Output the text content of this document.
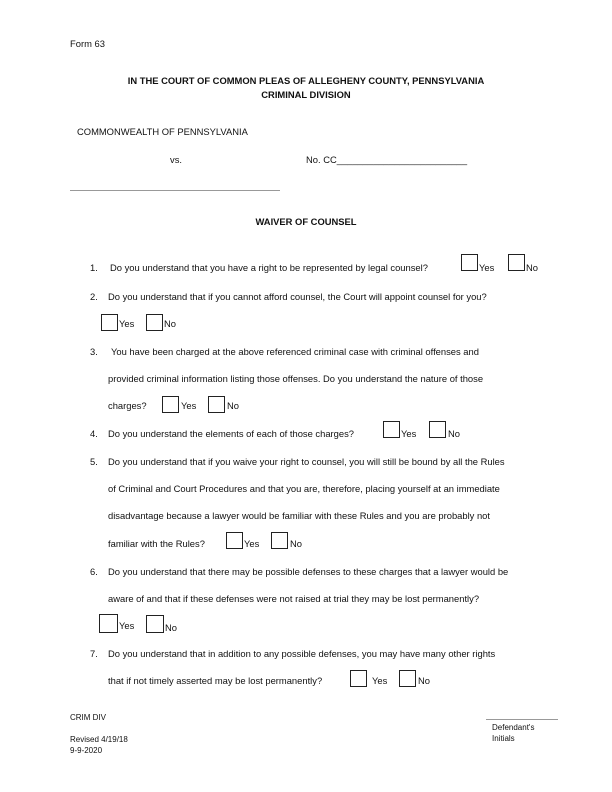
Form 63
IN THE COURT OF COMMON PLEAS OF ALLEGHENY COUNTY, PENNSYLVANIA
CRIMINAL DIVISION
COMMONWEALTH OF PENNSYLVANIA
vs.	No. CC_________________________
WAIVER OF COUNSEL
1. Do you understand that you have a right to be represented by legal counsel?	Yes	No
2. Do you understand that if you cannot afford counsel, the Court will appoint counsel for you?
Yes	No
3. You have been charged at the above referenced criminal case with criminal offenses and
provided criminal information listing those offenses. Do you understand the nature of those
charges?	Yes	No
4. Do you understand the elements of each of those charges?	Yes	No
5. Do you understand that if you waive your right to counsel, you will still be bound by all the Rules
of Criminal and Court Procedures and that you are, therefore, placing yourself at an immediate
disadvantage because a lawyer would be familiar with these Rules and you are probably not
familiar with the Rules?	Yes	No
6. Do you understand that there may be possible defenses to these charges that a lawyer would be
aware of and that if these defenses were not raised at trial they may be lost permanently?
Yes	No
7. Do you understand that in addition to any possible defenses, you may have many other rights
that if not timely asserted may be lost permanently?	Yes	No
CRIM DIV
Revised 4/19/18
9-9-2020
Defendant's
Initials
